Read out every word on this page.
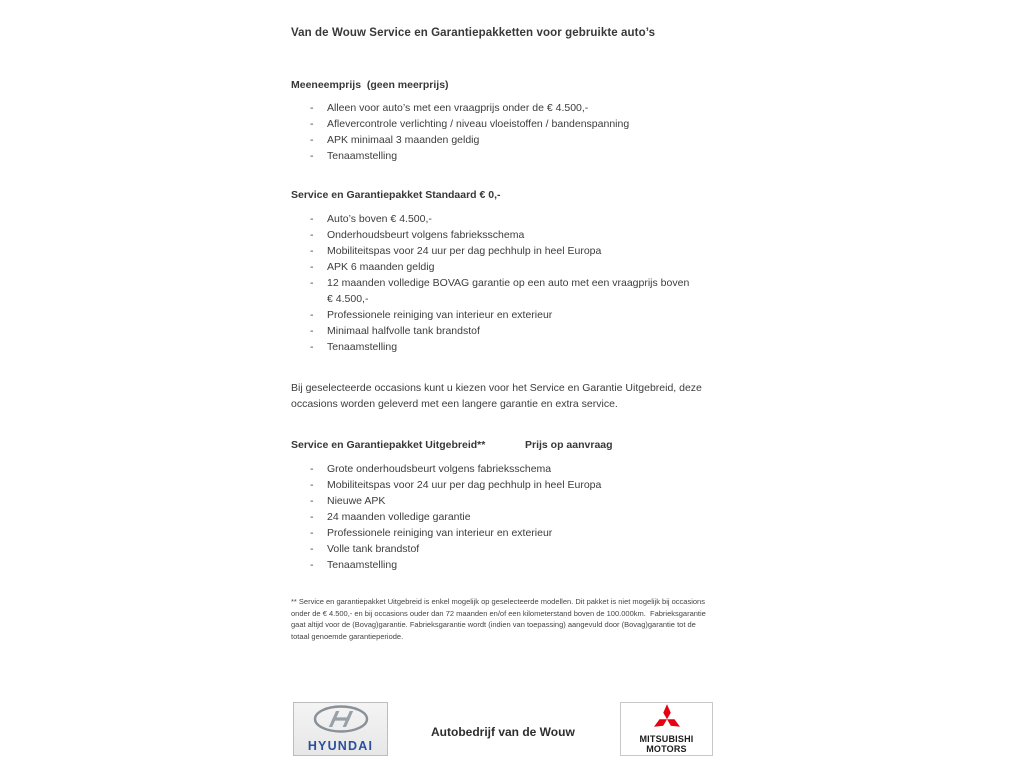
Van de Wouw Service en Garantiepakketten voor gebruikte auto’s
Meeneemprijs  (geen meerprijs)
- Alleen voor auto’s met een vraagprijs onder de € 4.500,-
- Aflevercontrole verlichting / niveau vloeistoffen / bandenspanning
- APK minimaal 3 maanden geldig
- Tenaamstelling
Service en Garantiepakket Standaard € 0,-
- Auto’s boven € 4.500,-
- Onderhoudsbeurt volgens fabrieksschema
- Mobiliteitspas voor 24 uur per dag pechhulp in heel Europa
- APK 6 maanden geldig
- 12 maanden volledige BOVAG garantie op een auto met een vraagprijs boven € 4.500,-
- Professionele reiniging van interieur en exterieur
- Minimaal halfvolle tank brandstof
- Tenaamstelling
Bij geselecteerde occasions kunt u kiezen voor het Service en Garantie Uitgebreid, deze occasions worden geleverd met een langere garantie en extra service.
Service en Garantiepakket Uitgebreid**	Prijs op aanvraag
- Grote onderhoudsbeurt volgens fabrieksschema
- Mobiliteitspas voor 24 uur per dag pechhulp in heel Europa
- Nieuwe APK
- 24 maanden volledige garantie
- Professionele reiniging van interieur en exterieur
- Volle tank brandstof
- Tenaamstelling
** Service en garantiepakket Uitgebreid is enkel mogelijk op geselecteerde modellen. Dit pakket is niet mogelijk bij occasions onder de € 4.500,- en bij occasions ouder dan 72 maanden en/of een kilometerstand boven de 100.000km.  Fabrieksgarantie gaat altijd voor de (Bovag)garantie. Fabrieksgarantie wordt (indien van toepassing) aangevuld door (Bovag)garantie tot de totaal genoemde garantieperiode.
HYUNDAI
Autobedrijf van de Wouw	MITSUBISHI
MOTORS
